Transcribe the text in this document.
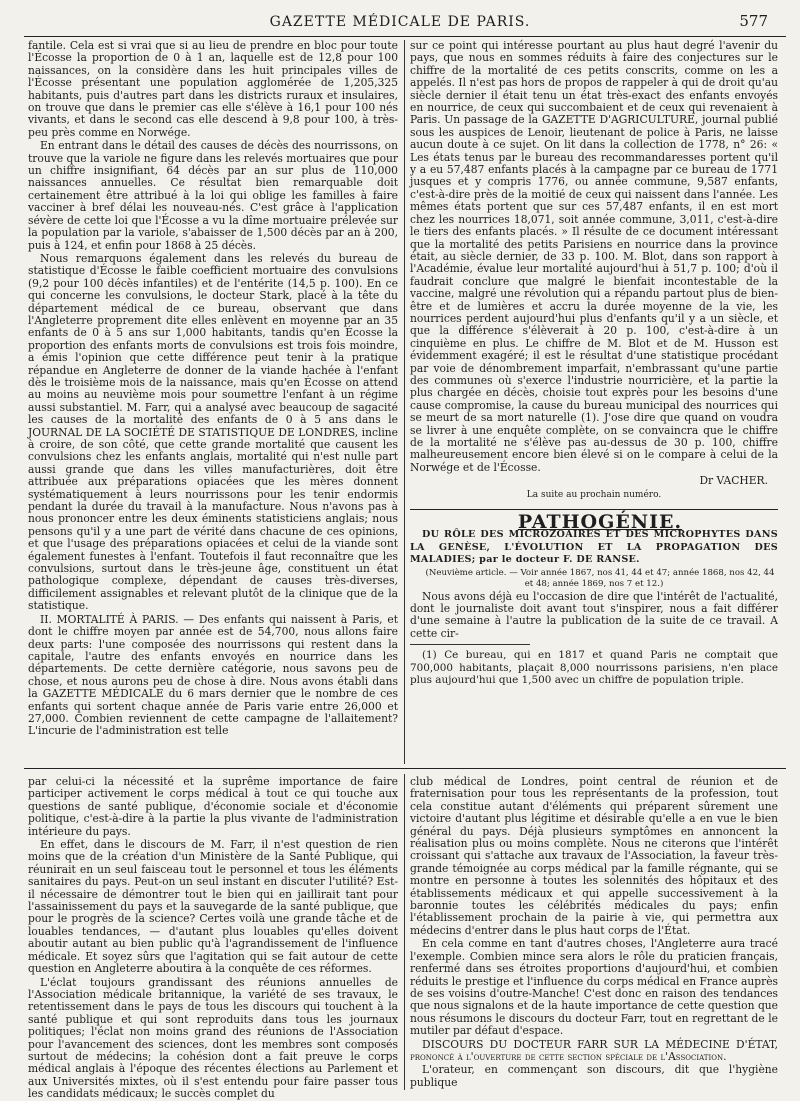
GAZETTE MÉDICALE DE PARIS.	577

fantile. Cela est si vrai que si au lieu de prendre en bloc pour toute l'Écosse la proportion de 0 à 1 an, laquelle est de 12,8 pour 100 naissances, on la considère dans les huit principales villes de l'Écosse présentant une population agglomérée de 1,205,325 habitants, puis d'autres part dans les districts ruraux et insulaires, on trouve que dans le premier cas elle s'élève à 16,1 pour 100 nés vivants, et dans le second cas elle descend à 9,8 pour 100, à très-peu près comme en Norwége.

En entrant dans le détail des causes de décès des nourrissons, on trouve que la variole ne figure dans les relevés mortuaires que pour un chiffre insignifiant, 64 décès par an sur plus de 110,000 naissances annuelles. Ce résultat bien remarquable doit certainement être attribué à la loi qui oblige les familles à faire vacciner à bref délai les nouveau-nés. C'est grâce à l'application sévère de cette loi que l'Écosse a vu la dîme mortuaire prélevée sur la population par la variole, s'abaisser de 1,500 décès par an à 200, puis à 124, et enfin pour 1868 à 25 décès.

Nous remarquons également dans les relevés du bureau de statistique d'Écosse le faible coefficient mortuaire des convulsions (9,2 pour 100 décès infantiles) et de l'entérite (14,5 p. 100). En ce qui concerne les convulsions, le docteur Stark, placé à la tête du département médical de ce bureau, observant que dans l'Angleterre proprement dite elles enlèvent en moyenne par an 35 enfants de 0 à 5 ans sur 1,000 habitants, tandis qu'en Écosse la proportion des enfants morts de convulsions est trois fois moindre, a émis l'opinion que cette différence peut tenir à la pratique répandue en Angleterre de donner de la viande hachée à l'enfant dès le troisième mois de la naissance, mais qu'en Écosse on attend au moins au neuvième mois pour soumettre l'enfant à un régime aussi substantiel. M. Farr, qui a analysé avec beaucoup de sagacité les causes de la mortalité des enfants de 0 à 5 ans dans le JOURNAL DE LA SOCIÉTÉ DE STATISTIQUE DE LONDRES, incline à croire, de son côté, que cette grande mortalité que causent les convulsions chez les enfants anglais, mortalité qui n'est nulle part aussi grande que dans les villes manufacturières, doit être attribuée aux préparations opiacées que les mères donnent systématiquement à leurs nourrissons pour les tenir endormis pendant la durée du travail à la manufacture. Nous n'avons pas à nous prononcer entre les deux éminents statisticiens anglais; nous pensons qu'il y a une part de vérité dans chacune de ces opinions, et que l'usage des préparations opiacées et celui de la viande sont également funestes à l'enfant. Toutefois il faut reconnaître que les convulsions, surtout dans le très-jeune âge, constituent un état pathologique complexe, dépendant de causes très-diverses, difficilement assignables et relevant plutôt de la clinique que de la statistique.

II. MORTALITÉ À PARIS. — Des enfants qui naissent à Paris, et dont le chiffre moyen par année est de 54,700, nous allons faire deux parts: l'une composée des nourrissons qui restent dans la capitale, l'autre des enfants envoyés en nourrice dans les départements. De cette dernière catégorie, nous savons peu de chose, et nous aurons peu de chose à dire. Nous avons établi dans la GAZETTE MÉDICALE du 6 mars dernier que le nombre de ces enfants qui sortent chaque année de Paris varie entre 26,000 et 27,000. Combien reviennent de cette campagne de l'allaitement? L'incurie de l'administration est telle

sur ce point qui intéresse pourtant au plus haut degré l'avenir du pays, que nous en sommes réduits à faire des conjectures sur le chiffre de la mortalité de ces petits conscrits, comme on les a appelés. Il n'est pas hors de propos de rappeler à qui de droit qu'au siècle dernier il était tenu un état très-exact des enfants envoyés en nourrice, de ceux qui succombaient et de ceux qui revenaient à Paris. Un passage de la GAZETTE D'AGRICULTURE, journal publié sous les auspices de Lenoir, lieutenant de police à Paris, ne laisse aucun doute à ce sujet. On lit dans la collection de 1778, n° 26: « Les états tenus par le bureau des recommandaresses portent qu'il y a eu 57,487 enfants placés à la campagne par ce bureau de 1771 jusques et y compris 1776, ou année commune, 9,587 enfants, c'est-à-dire près de la moitié de ceux qui naissent dans l'année. Les mêmes états portent que sur ces 57,487 enfants, il en est mort chez les nourrices 18,071, soit année commune, 3,011, c'est-à-dire le tiers des enfants placés. » Il résulte de ce document intéressant que la mortalité des petits Parisiens en nourrice dans la province était, au siècle dernier, de 33 p. 100. M. Blot, dans son rapport à l'Académie, évalue leur mortalité aujourd'hui à 51,7 p. 100; d'où il faudrait conclure que malgré le bienfait incontestable de la vaccine, malgré une révolution qui a répandu partout plus de bien-être et de lumières et accru la durée moyenne de la vie, les nourrices perdent aujourd'hui plus d'enfants qu'il y a un siècle, et que la différence s'élèverait à 20 p. 100, c'est-à-dire à un cinquième en plus. Le chiffre de M. Blot et de M. Husson est évidemment exagéré; il est le résultat d'une statistique procédant par voie de dénombrement imparfait, n'embrassant qu'une partie des communes où s'exerce l'industrie nourricière, et la partie la plus chargée en décès, choisie tout exprès pour les besoins d'une cause compromise, la cause du bureau municipal des nourrices qui se meurt de sa mort naturelle (1). J'ose dire que quand on voudra se livrer à une enquête complète, on se convaincra que le chiffre de la mortalité ne s'élève pas au-dessus de 30 p. 100, chiffre malheureusement encore bien élevé si on le compare à celui de la Norwége et de l'Écosse.

Dr VACHER.

La suite au prochain numéro.

PATHOGÉNIE.

DU RÔLE DES MICROZOAIRES ET DES MICROPHYTES DANS LA GENÈSE, L'ÉVOLUTION ET LA PROPAGATION DES MALADIES; par le docteur F. DE RANSE.

(Neuvième article. — Voir année 1867, nos 41, 44 et 47; année 1868, nos 42, 44 et 48; année 1869, nos 7 et 12.)

Nous avons déjà eu l'occasion de dire que l'intérêt de l'actualité, dont le journaliste doit avant tout s'inspirer, nous a fait différer d'une semaine à l'autre la publication de la suite de ce travail. A cette cir-

(1) Ce bureau, qui en 1817 et quand Paris ne comptait que 700,000 habitants, plaçait 8,000 nourrissons parisiens, n'en place plus aujourd'hui que 1,500 avec un chiffre de population triple.

par celui-ci la nécessité et la suprême importance de faire participer activement le corps médical à tout ce qui touche aux questions de santé publique, d'économie sociale et d'économie politique, c'est-à-dire à la partie la plus vivante de l'administration intérieure du pays.

En effet, dans le discours de M. Farr, il n'est question de rien moins que de la création d'un Ministère de la Santé Publique, qui réunirait en un seul faisceau tout le personnel et tous les éléments sanitaires du pays. Peut-on un seul instant en discuter l'utilité? Est-il nécessaire de démontrer tout le bien qui en jaillirait tant pour l'assainissement du pays et la sauvegarde de la santé publique, que pour le progrès de la science? Certes voilà une grande tâche et de louables tendances, — d'autant plus louables qu'elles doivent aboutir autant au bien public qu'à l'agrandissement de l'influence médicale. Et soyez sûrs que l'agitation qui se fait autour de cette question en Angleterre aboutira à la conquête de ces réformes.

L'éclat toujours grandissant des réunions annuelles de l'Association médicale britannique, la variété de ses travaux, le retentissement dans le pays de tous les discours qui touchent à la santé publique et qui sont reproduits dans tous les journaux politiques; l'éclat non moins grand des réunions de l'Association pour l'avancement des sciences, dont les membres sont composés surtout de médecins; la cohésion dont a fait preuve le corps médical anglais à l'époque des récentes élections au Parlement et aux Universités mixtes, où il s'est entendu pour faire passer tous les candidats médicaux; le succès complet du

club médical de Londres, point central de réunion et de fraternisation pour tous les représentants de la profession, tout cela constitue autant d'éléments qui préparent sûrement une victoire d'autant plus légitime et désirable qu'elle a en vue le bien général du pays. Déjà plusieurs symptômes en annoncent la réalisation plus ou moins complète. Nous ne citerons que l'intérêt croissant qui s'attache aux travaux de l'Association, la faveur très-grande témoignée au corps médical par la famille régnante, qui se montre en personne à toutes les solennités des hôpitaux et des établissements médicaux et qui appelle successivement à la baronnie toutes les célébrités médicales du pays; enfin l'établissement prochain de la pairie à vie, qui permettra aux médecins d'entrer dans le plus haut corps de l'État.

En cela comme en tant d'autres choses, l'Angleterre aura tracé l'exemple. Combien mince sera alors le rôle du praticien français, renfermé dans ses étroites proportions d'aujourd'hui, et combien réduits le prestige et l'influence du corps médical en France auprès de ses voisins d'outre-Manche! C'est donc en raison des tendances que nous signalons et de la haute importance de cette question que nous résumons le discours du docteur Farr, tout en regrettant de le mutiler par défaut d'espace.

DISCOURS DU DOCTEUR FARR SUR LA MÉDECINE D'ÉTAT, prononcé à l'ouverture de cette section spéciale de l'Association.

L'orateur, en commençant son discours, dit que l'hygiène publique
